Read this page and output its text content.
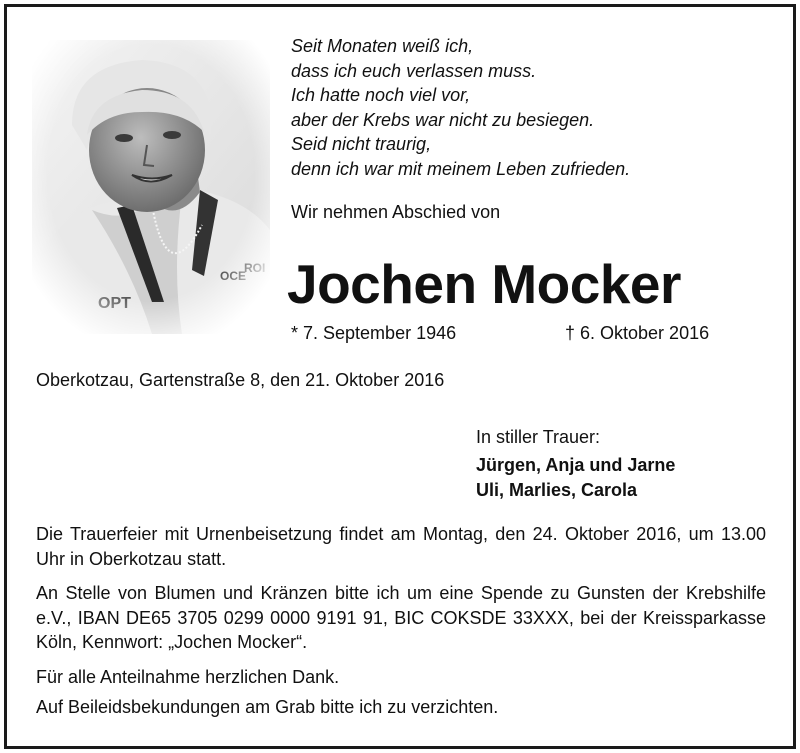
Seit Monaten weiß ich,
dass ich euch verlassen muss.
Ich hatte noch viel vor,
aber der Krebs war nicht zu besiegen.
Seid nicht traurig,
denn ich war mit meinem Leben zufrieden.
Wir nehmen Abschied von
Jochen Mocker
* 7. September 1946	† 6. Oktober 2016
Oberkotzau, Gartenstraße 8, den 21. Oktober 2016
In stiller Trauer:
Jürgen, Anja und Jarne
Uli, Marlies, Carola

Die Trauerfeier mit Urnenbeisetzung findet am Montag, den 24. Oktober 2016, um 13.00 Uhr in Oberkotzau statt.

An Stelle von Blumen und Kränzen bitte ich um eine Spende zu Gunsten der Krebshilfe e.V., IBAN DE65 3705 0299 0000 9191 91, BIC COKSDE 33XXX, bei der Kreissparkasse Köln, Kennwort: „Jochen Mocker“.

Für alle Anteilnahme herzlichen Dank.

Auf Beileidsbekundungen am Grab bitte ich zu verzichten.
